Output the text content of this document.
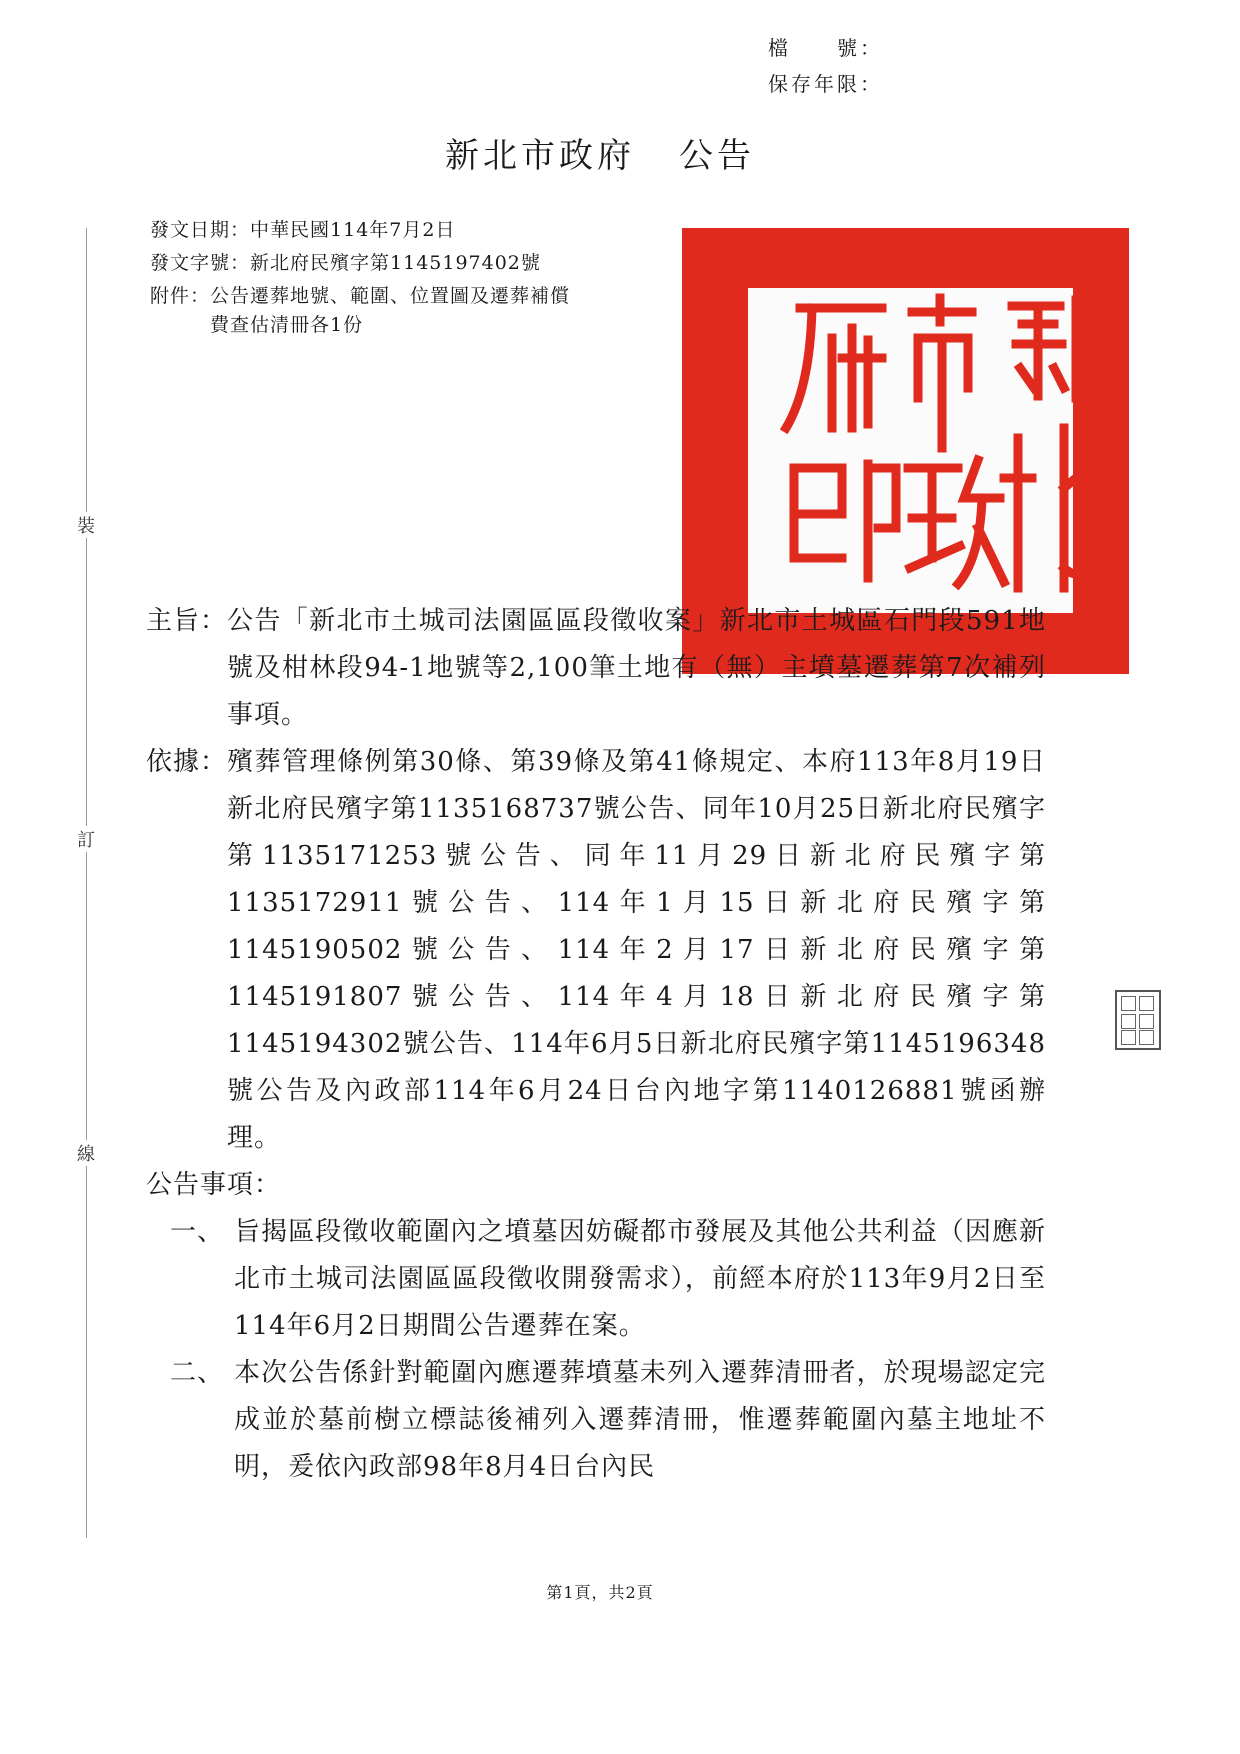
檔　　號：
保存年限：
新北市政府 公告
發文日期： 中華民國114年7月2日
發文字號： 新北府民殯字第1145197402號
附件： 公告遷葬地號、範圍、位置圖及遷葬補償費查估清冊各1份
裝
訂
線
主旨： 公告「新北市土城司法園區區段徵收案」新北市土城區石門段591地號及柑林段94-1地號等2,100筆土地有（無）主墳墓遷葬第7次補列事項。
依據： 殯葬管理條例第30條、第39條及第41條規定、本府113年8月19日新北府民殯字第1135168737號公告、同年10月25日新北府民殯字第1135171253號公告、同年11月29日新北府民殯字第1135172911號公告、114年1月15日新北府民殯字第1145190502號公告、114年2月17日新北府民殯字第1145191807號公告、114年4月18日新北府民殯字第1145194302號公告、114年6月5日新北府民殯字第1145196348號公告及內政部114年6月24日台內地字第1140126881號函辦理。
公告事項：
一、 旨揭區段徵收範圍內之墳墓因妨礙都市發展及其他公共利益（因應新北市土城司法園區區段徵收開發需求），前經本府於113年9月2日至114年6月2日期間公告遷葬在案。
二、 本次公告係針對範圍內應遷葬墳墓未列入遷葬清冊者，於現場認定完成並於墓前樹立標誌後補列入遷葬清冊，惟遷葬範圍內墓主地址不明，爰依內政部98年8月4日台內民
第1頁，共2頁
